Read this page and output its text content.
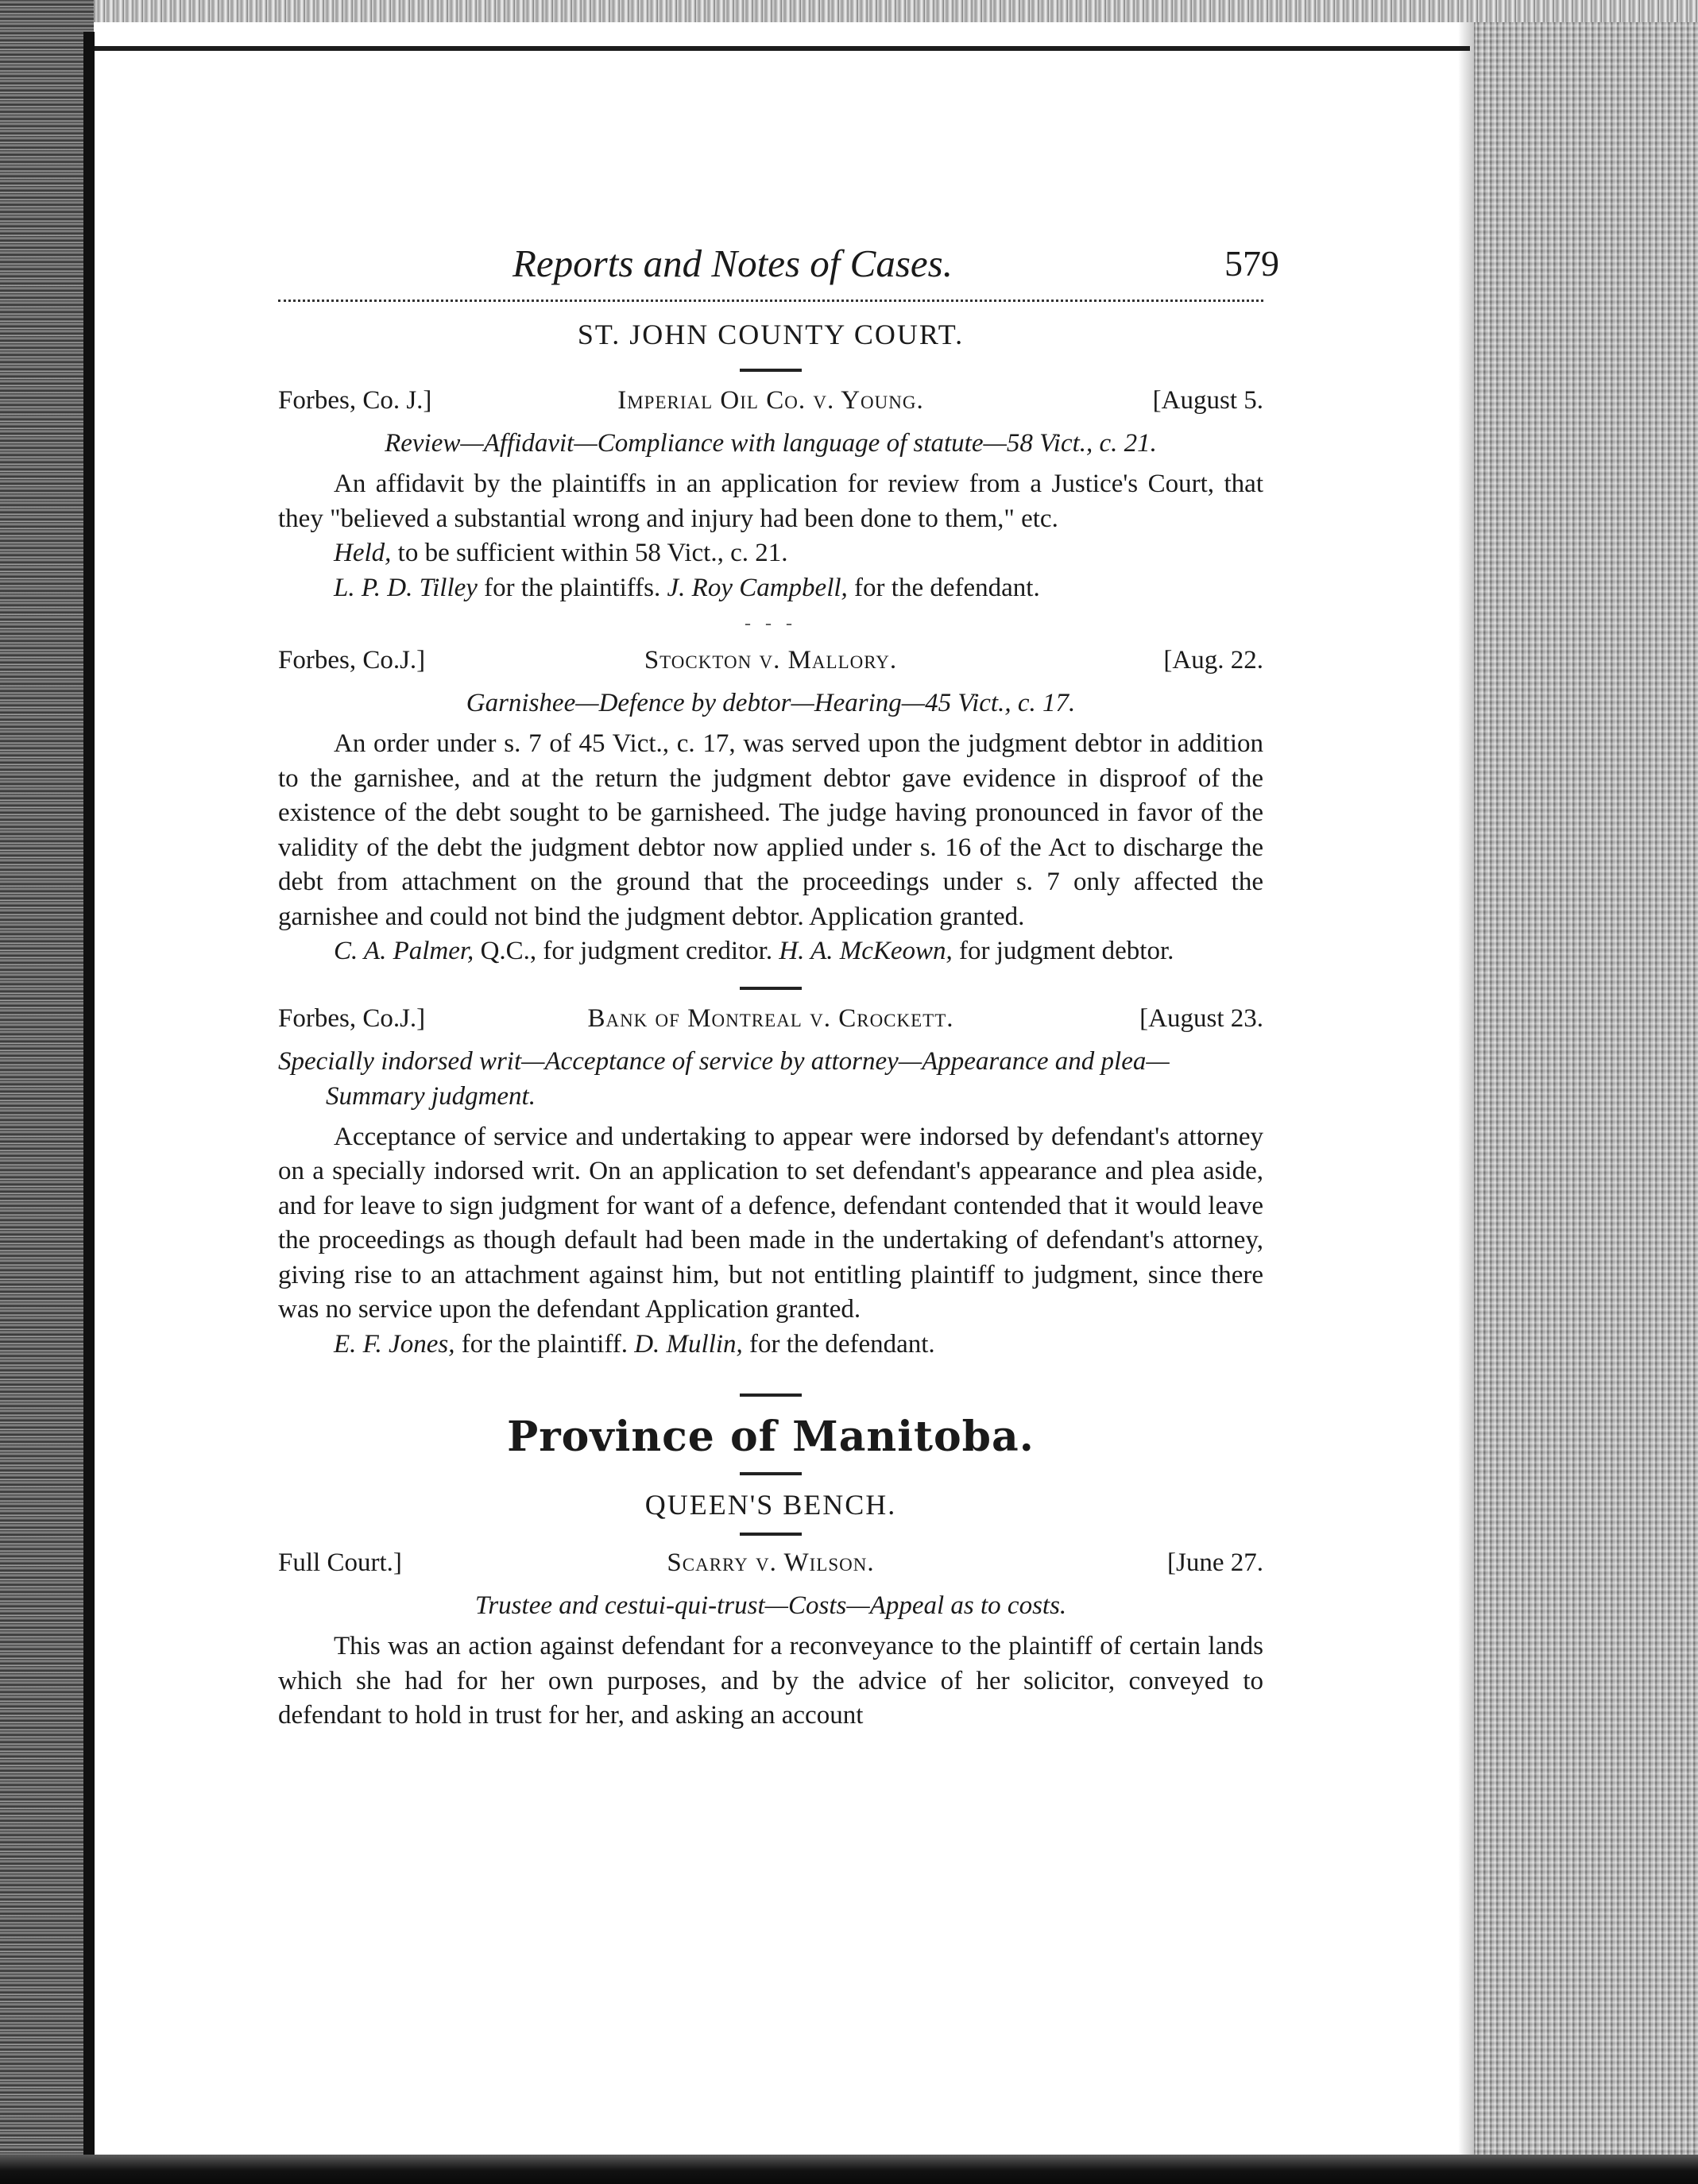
Reports and Notes of Cases.	579
ST. JOHN COUNTY COURT.
Forbes, Co. J.]	Imperial Oil Co. v. Young.	[August 5.
Review—Affidavit—Compliance with language of statute—58 Vict., c. 21.

An affidavit by the plaintiffs in an application for review from a Justice's Court, that they "believed a substantial wrong and injury had been done to them," etc.

Held, to be sufficient within 58 Vict., c. 21.

L. P. D. Tilley for the plaintiffs. J. Roy Campbell, for the defendant.

- - -
Forbes, Co.J.]	Stockton v. Mallory.	[Aug. 22.
Garnishee—Defence by debtor—Hearing—45 Vict., c. 17.

An order under s. 7 of 45 Vict., c. 17, was served upon the judgment debtor in addition to the garnishee, and at the return the judgment debtor gave evidence in disproof of the existence of the debt sought to be garnisheed. The judge having pronounced in favor of the validity of the debt the judgment debtor now applied under s. 16 of the Act to discharge the debt from attachment on the ground that the proceedings under s. 7 only affected the garnishee and could not bind the judgment debtor. Application granted.

C. A. Palmer, Q.C., for judgment creditor. H. A. McKeown, for judgment debtor.

Forbes, Co.J.]	Bank of Montreal v. Crockett.	[August 23.
Specially indorsed writ—Acceptance of service by attorney—Appearance and plea—Summary judgment.

Acceptance of service and undertaking to appear were indorsed by defendant's attorney on a specially indorsed writ. On an application to set defendant's appearance and plea aside, and for leave to sign judgment for want of a defence, defendant contended that it would leave the proceedings as though default had been made in the undertaking of defendant's attorney, giving rise to an attachment against him, but not entitling plaintiff to judgment, since there was no service upon the defendant Application granted.

E. F. Jones, for the plaintiff. D. Mullin, for the defendant.

Province of Manitoba.
QUEEN'S BENCH.
Full Court.]	Scarry v. Wilson.	[June 27.
Trustee and cestui-qui-trust—Costs—Appeal as to costs.

This was an action against defendant for a reconveyance to the plaintiff of certain lands which she had for her own purposes, and by the advice of her solicitor, conveyed to defendant to hold in trust for her, and asking an account
